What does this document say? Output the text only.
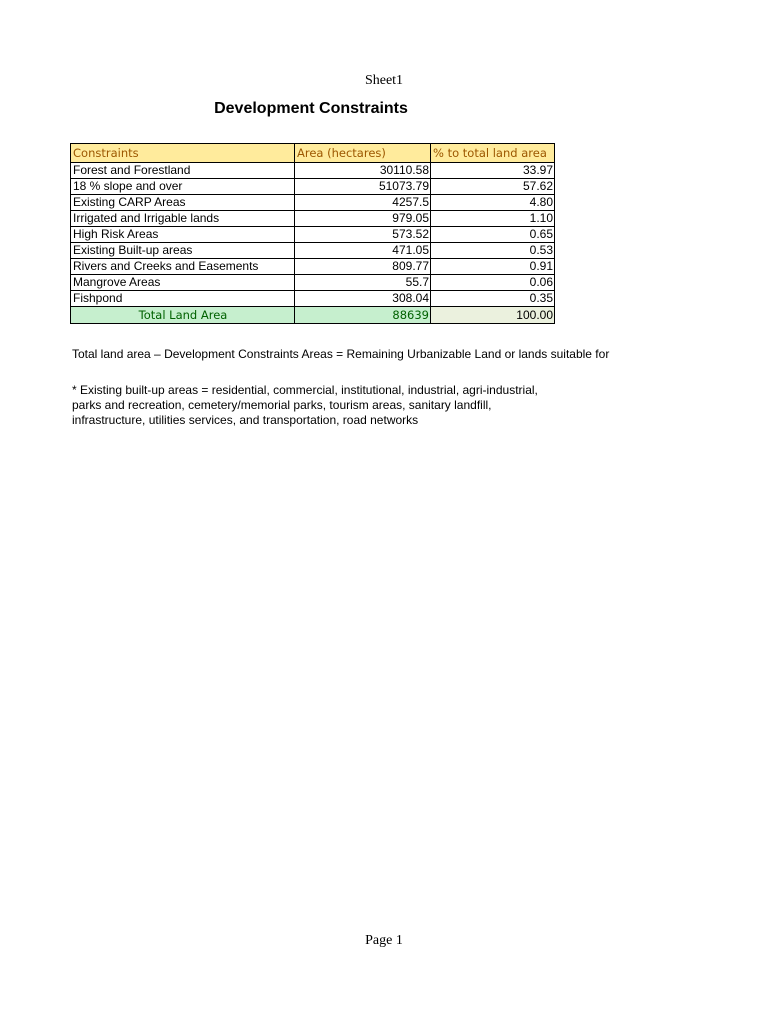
Sheet1
Development Constraints
Constraints	Area (hectares)	% to total land area
Forest and Forestland	30110.58	33.97
18 % slope and over	51073.79	57.62
Existing CARP Areas	4257.5	4.80
Irrigated and Irrigable lands	979.05	1.10
High Risk Areas	573.52	0.65
Existing Built-up areas	471.05	0.53
Rivers and Creeks and Easements	809.77	0.91
Mangrove Areas	55.7	0.06
Fishpond	308.04	0.35
Total Land Area	88639	100.00
Total land area – Development Constraints Areas = Remaining Urbanizable Land or lands suitable for
* Existing built-up areas = residential, commercial, institutional, industrial, agri-industrial, parks and recreation, cemetery/memorial parks, tourism areas, sanitary landfill, infrastructure, utilities services, and transportation, road networks
Page 1
